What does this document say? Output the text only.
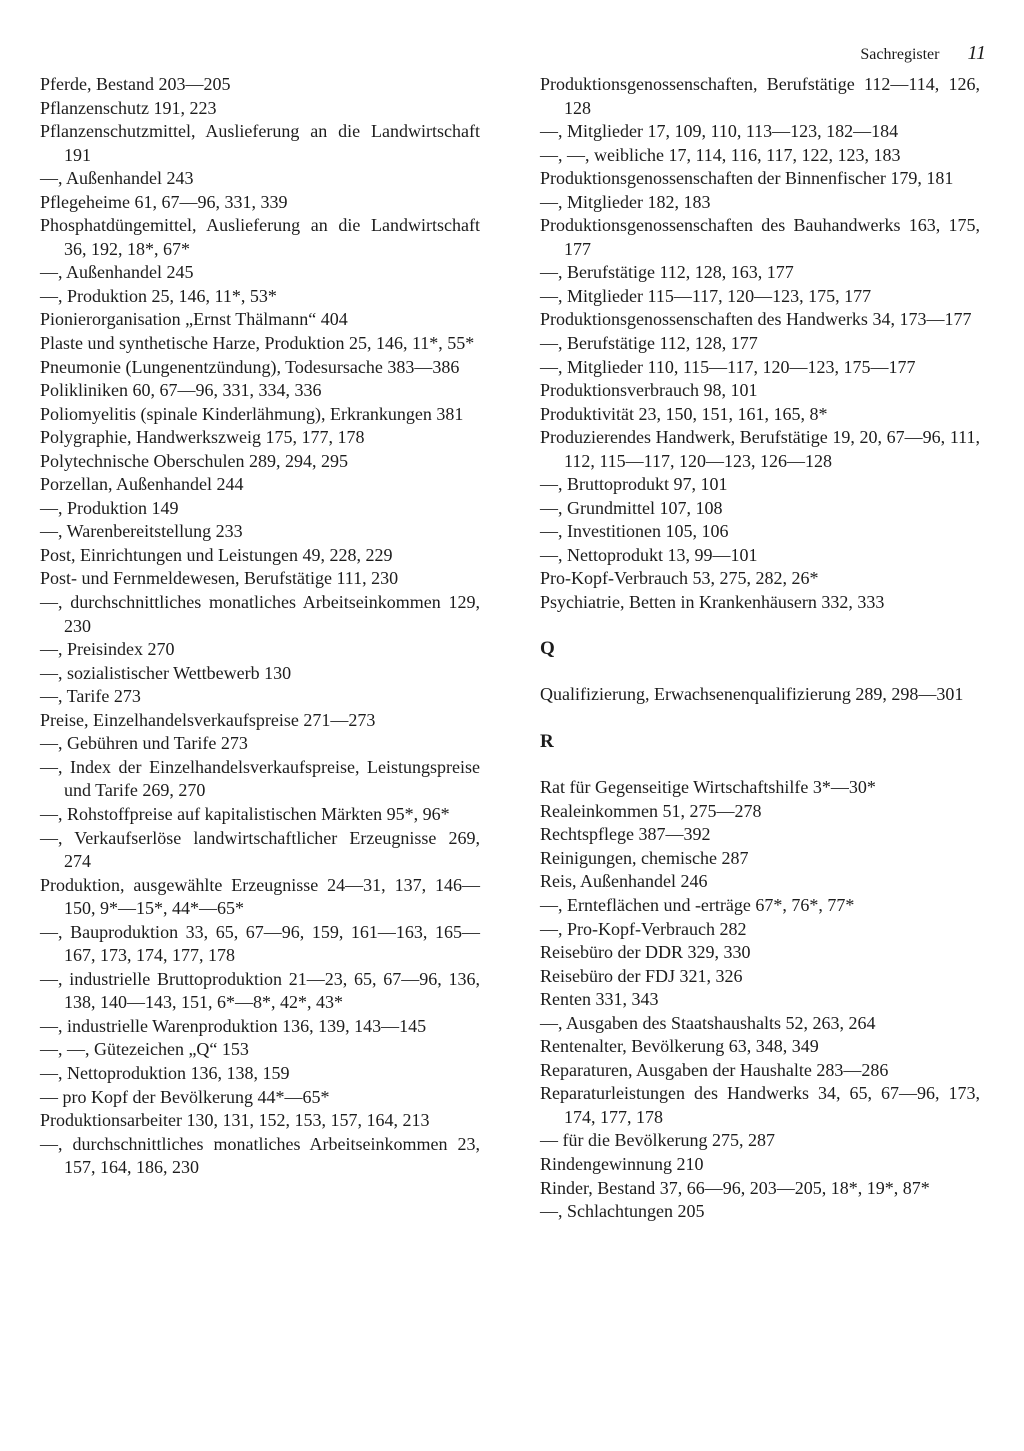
Sachregister 11

Pferde, Bestand 203—205

Pflanzenschutz 191, 223

Pflanzenschutzmittel, Auslieferung an die Landwirtschaft 191

—, Außenhandel 243

Pflegeheime 61, 67—96, 331, 339

Phosphatdüngemittel, Auslieferung an die Landwirtschaft 36, 192, 18*, 67*

—, Außenhandel 245

—, Produktion 25, 146, 11*, 53*

Pionierorganisation „Ernst Thälmann“ 404

Plaste und synthetische Harze, Produktion 25, 146, 11*, 55*

Pneumonie (Lungenentzündung), Todesursache 383—386

Polikliniken 60, 67—96, 331, 334, 336

Poliomyelitis (spinale Kinderlähmung), Erkrankungen 381

Polygraphie, Handwerkszweig 175, 177, 178

Polytechnische Oberschulen 289, 294, 295

Porzellan, Außenhandel 244

—, Produktion 149

—, Warenbereitstellung 233

Post, Einrichtungen und Leistungen 49, 228, 229

Post- und Fernmeldewesen, Berufstätige 111, 230

—, durchschnittliches monatliches Arbeitseinkommen 129, 230

—, Preisindex 270

—, sozialistischer Wettbewerb 130

—, Tarife 273

Preise, Einzelhandelsverkaufspreise 271—273

—, Gebühren und Tarife 273

—, Index der Einzelhandelsverkaufspreise, Leistungspreise und Tarife 269, 270

—, Rohstoffpreise auf kapitalistischen Märkten 95*, 96*

—, Verkaufserlöse landwirtschaftlicher Erzeugnisse 269, 274

Produktion, ausgewählte Erzeugnisse 24—31, 137, 146—150, 9*—15*, 44*—65*

—, Bauproduktion 33, 65, 67—96, 159, 161—163, 165—167, 173, 174, 177, 178

—, industrielle Bruttoproduktion 21—23, 65, 67—96, 136, 138, 140—143, 151, 6*—8*, 42*, 43*

—, industrielle Warenproduktion 136, 139, 143—145

—, —, Gütezeichen „Q“ 153

—, Nettoproduktion 136, 138, 159

— pro Kopf der Bevölkerung 44*—65*

Produktionsarbeiter 130, 131, 152, 153, 157, 164, 213

—, durchschnittliches monatliches Arbeitseinkommen 23, 157, 164, 186, 230

Produktionsgenossenschaften, Berufstätige 112—114, 126, 128

—, Mitglieder 17, 109, 110, 113—123, 182—184

—, —, weibliche 17, 114, 116, 117, 122, 123, 183

Produktionsgenossenschaften der Binnenfischer 179, 181

—, Mitglieder 182, 183

Produktionsgenossenschaften des Bauhandwerks 163, 175, 177

—, Berufstätige 112, 128, 163, 177

—, Mitglieder 115—117, 120—123, 175, 177

Produktionsgenossenschaften des Handwerks 34, 173—177

—, Berufstätige 112, 128, 177

—, Mitglieder 110, 115—117, 120—123, 175—177

Produktionsverbrauch 98, 101

Produktivität 23, 150, 151, 161, 165, 8*

Produzierendes Handwerk, Berufstätige 19, 20, 67—96, 111, 112, 115—117, 120—123, 126—128

—, Bruttoprodukt 97, 101

—, Grundmittel 107, 108

—, Investitionen 105, 106

—, Nettoprodukt 13, 99—101

Pro-Kopf-Verbrauch 53, 275, 282, 26*

Psychiatrie, Betten in Krankenhäusern 332, 333

Q

Qualifizierung, Erwachsenenqualifizierung 289, 298—301

R

Rat für Gegenseitige Wirtschaftshilfe 3*—30*

Realeinkommen 51, 275—278

Rechtspflege 387—392

Reinigungen, chemische 287

Reis, Außenhandel 246

—, Ernteflächen und -erträge 67*, 76*, 77*

—, Pro-Kopf-Verbrauch 282

Reisebüro der DDR 329, 330

Reisebüro der FDJ 321, 326

Renten 331, 343

—, Ausgaben des Staatshaushalts 52, 263, 264

Rentenalter, Bevölkerung 63, 348, 349

Reparaturen, Ausgaben der Haushalte 283—286

Reparaturleistungen des Handwerks 34, 65, 67—96, 173, 174, 177, 178

— für die Bevölkerung 275, 287

Rindengewinnung 210

Rinder, Bestand 37, 66—96, 203—205, 18*, 19*, 87*

—, Schlachtungen 205
